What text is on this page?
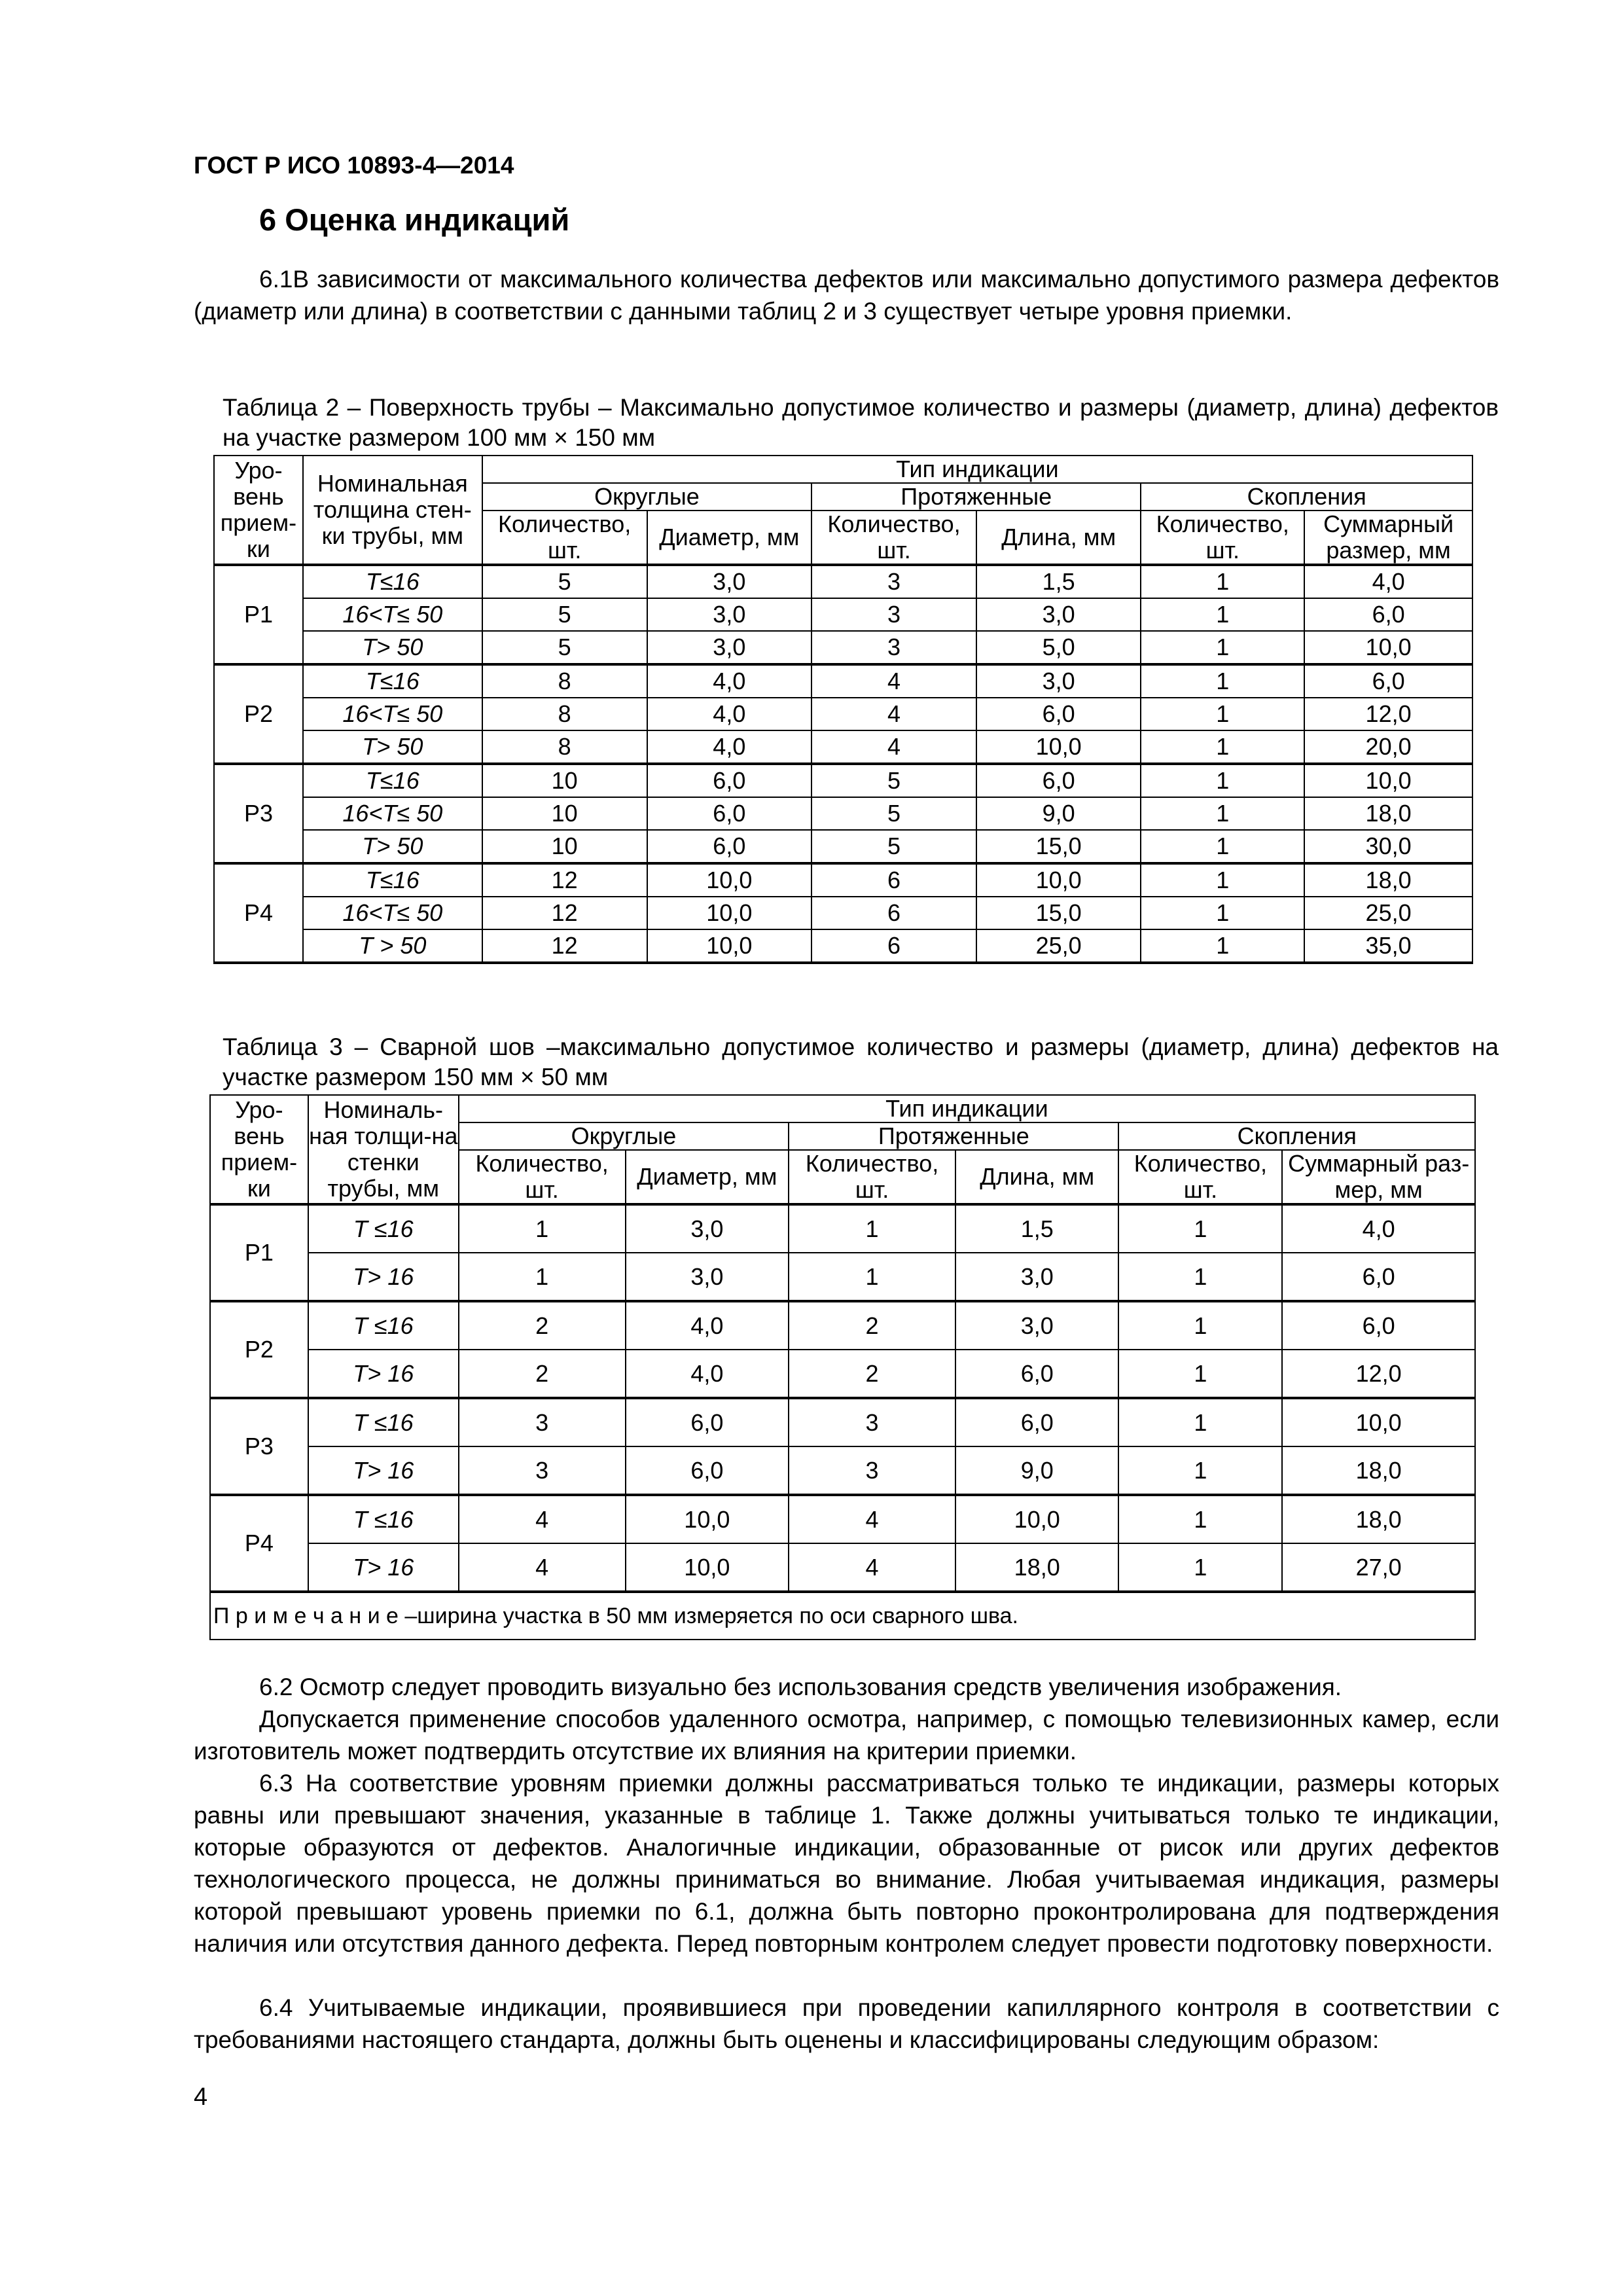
ГОСТ Р ИСО 10893-4—2014
6 Оценка индикаций
6.1В зависимости от максимального количества дефектов или максимально допустимого размера дефектов (диаметр или длина) в соответствии с данными таблиц 2 и 3 существует четыре уровня приемки.
Таблица 2 – Поверхность трубы – Максимально допустимое количество и размеры (диаметр, длина) дефектов на участке размером 100 мм × 150 мм
Уро-вень прием-ки	Номинальная толщина стен-ки трубы, мм	Тип индикации					
		Округлые		Протяженные		Скопления	
		Количество, шт.	Диаметр, мм	Количество, шт.	Длина, мм	Количество, шт.	Суммарный размер, мм
P1	T≤16	5	3,0	3	1,5	1	4,0
	16<T≤ 50	5	3,0	3	3,0	1	6,0
	T> 50	5	3,0	3	5,0	1	10,0
P2	T≤16	8	4,0	4	3,0	1	6,0
	16<T≤ 50	8	4,0	4	6,0	1	12,0
	T> 50	8	4,0	4	10,0	1	20,0
P3	T≤16	10	6,0	5	6,0	1	10,0
	16<T≤ 50	10	6,0	5	9,0	1	18,0
	T> 50	10	6,0	5	15,0	1	30,0
P4	T≤16	12	10,0	6	10,0	1	18,0
	16<T≤ 50	12	10,0	6	15,0	1	25,0
	T > 50	12	10,0	6	25,0	1	35,0
Таблица 3 – Сварной шов –максимально допустимое количество и размеры (диаметр, длина) дефектов на участке размером 150 мм × 50 мм
Уро-вень прием-ки	Номиналь-ная толщи-на стенки трубы, мм	Тип индикации					
		Округлые		Протяженные		Скопления	
		Количество, шт.	Диаметр, мм	Количество, шт.	Длина, мм	Количество, шт.	Суммарный раз-мер, мм
P1	T ≤16	1	3,0	1	1,5	1	4,0
	T> 16	1	3,0	1	3,0	1	6,0
P2	T ≤16	2	4,0	2	3,0	1	6,0
	T> 16	2	4,0	2	6,0	1	12,0
P3	T ≤16	3	6,0	3	6,0	1	10,0
	T> 16	3	6,0	3	9,0	1	18,0
P4	T ≤16	4	10,0	4	10,0	1	18,0
	T> 16	4	10,0	4	18,0	1	27,0
П р и м е ч а н и е –ширина участка в 50 мм измеряется по оси сварного шва.							
6.2 Осмотр следует проводить визуально без использования средств увеличения изображения.
Допускается применение способов удаленного осмотра, например, с помощью телевизионных камер, если изготовитель может подтвердить отсутствие их влияния на критерии приемки.
6.3 На соответствие уровням приемки должны рассматриваться только те индикации, размеры которых равны или превышают значения, указанные в таблице 1. Также должны учитываться только те индикации, которые образуются от дефектов. Аналогичные индикации, образованные от рисок или других дефектов технологического процесса, не должны приниматься во внимание. Любая учитываемая индикация, размеры которой превышают уровень приемки по 6.1, должна быть повторно проконтролирована для подтверждения наличия или отсутствия данного дефекта. Перед повторным контролем следует провести подготовку поверхности.
6.4 Учитываемые индикации, проявившиеся при проведении капиллярного контроля в соответствии с требованиями настоящего стандарта, должны быть оценены и классифицированы следующим образом:
4
